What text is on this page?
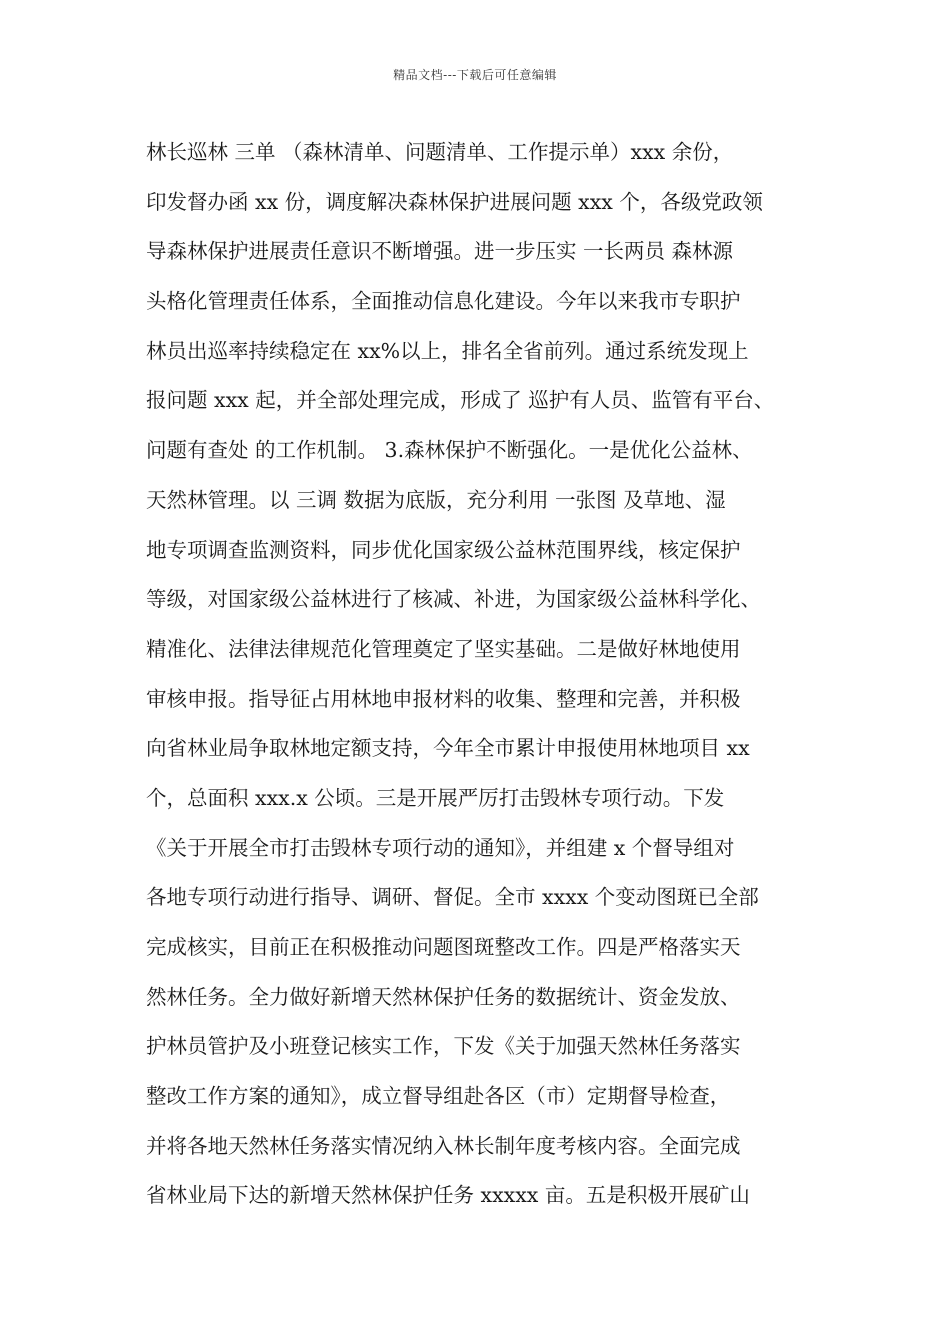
精品文档---下载后可任意编辑
林长巡林 三单 （森林清单、问题清单、工作提示单）xxx 余份，
印发督办函 xx 份，调度解决森林保护进展问题 xxx 个，各级党政领
导森林保护进展责任意识不断增强。进一步压实 一长两员 森林源
头格化管理责任体系，全面推动信息化建设。今年以来我市专职护
林员出巡率持续稳定在 xx%以上，排名全省前列。通过系统发现上
报问题 xxx 起，并全部处理完成，形成了 巡护有人员、监管有平台、
问题有查处 的工作机制。 3.森林保护不断强化。一是优化公益林、
天然林管理。以 三调 数据为底版，充分利用 一张图 及草地、湿
地专项调查监测资料，同步优化国家级公益林范围界线，核定保护
等级，对国家级公益林进行了核减、补进，为国家级公益林科学化、
精准化、法律法律规范化管理奠定了坚实基础。二是做好林地使用
审核申报。指导征占用林地申报材料的收集、整理和完善，并积极
向省林业局争取林地定额支持，今年全市累计申报使用林地项目 xx
个，总面积 xxx.x 公顷。三是开展严厉打击毁林专项行动。下发
《关于开展全市打击毁林专项行动的通知》，并组建 x 个督导组对
各地专项行动进行指导、调研、督促。全市 xxxx 个变动图斑已全部
完成核实，目前正在积极推动问题图斑整改工作。四是严格落实天
然林任务。全力做好新增天然林保护任务的数据统计、资金发放、
护林员管护及小班登记核实工作，下发《关于加强天然林任务落实
整改工作方案的通知》，成立督导组赴各区（市）定期督导检查，
并将各地天然林任务落实情况纳入林长制年度考核内容。全面完成
省林业局下达的新增天然林保护任务 xxxxx 亩。五是积极开展矿山
